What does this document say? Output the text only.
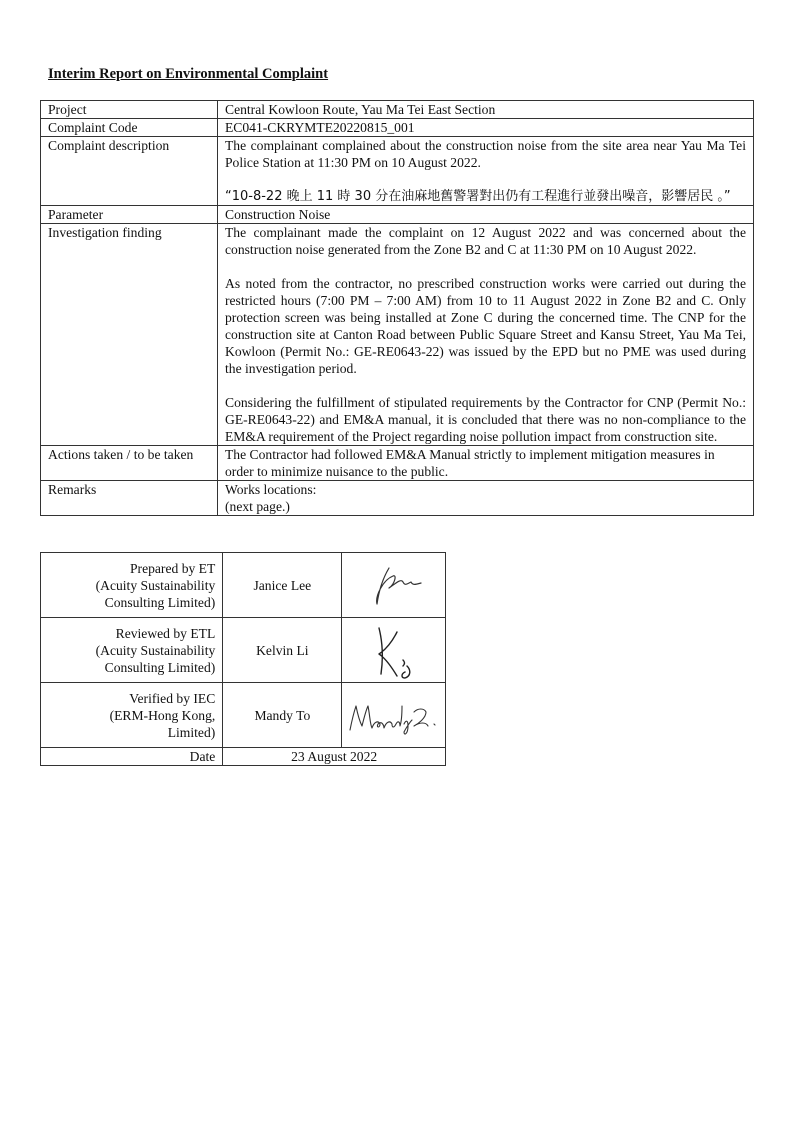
Interim Report on Environmental Complaint
Project	Central Kowloon Route, Yau Ma Tei East Section
Complaint Code	EC041-CKRYMTE20220815_001
Complaint description	The complainant complained about the construction noise from the site area near Yau Ma Tei Police Station at 11:30 PM on 10 August 2022.

“10-8-22 晚上 11 時 30 分在油麻地舊警署對出仍有工程進行並發出噪音，影響居民 。”

Parameter	Construction Noise
Investigation finding	The complainant made the complaint on 12 August 2022 and was concerned about the construction noise generated from the Zone B2 and C at 11:30 PM on 10 August 2022.

As noted from the contractor, no prescribed construction works were carried out during the restricted hours (7:00 PM – 7:00 AM) from 10 to 11 August 2022 in Zone B2 and C. Only protection screen was being installed at Zone C during the concerned time. The CNP for the construction site at Canton Road between Public Square Street and Kansu Street, Yau Ma Tei, Kowloon (Permit No.: GE-RE0643-22) was issued by the EPD but no PME was used during the investigation period.

Considering the fulfillment of stipulated requirements by the Contractor for CNP (Permit No.: GE-RE0643-22) and EM&A manual, it is concluded that there was no non-compliance to the EM&A requirement of the Project regarding noise pollution impact from construction site.

Actions taken / to be taken	The Contractor had followed EM&A Manual strictly to implement mitigation measures in order to minimize nuisance to the public.
Remarks	Works locations:
(next page.)
Prepared by ET
(Acuity Sustainability
Consulting Limited)	Janice Lee	

Reviewed by ETL
(Acuity Sustainability
Consulting Limited)	Kelvin Li	

Verified by IEC
(ERM-Hong Kong,
Limited)	Mandy To	

Date	23 August 2022	
